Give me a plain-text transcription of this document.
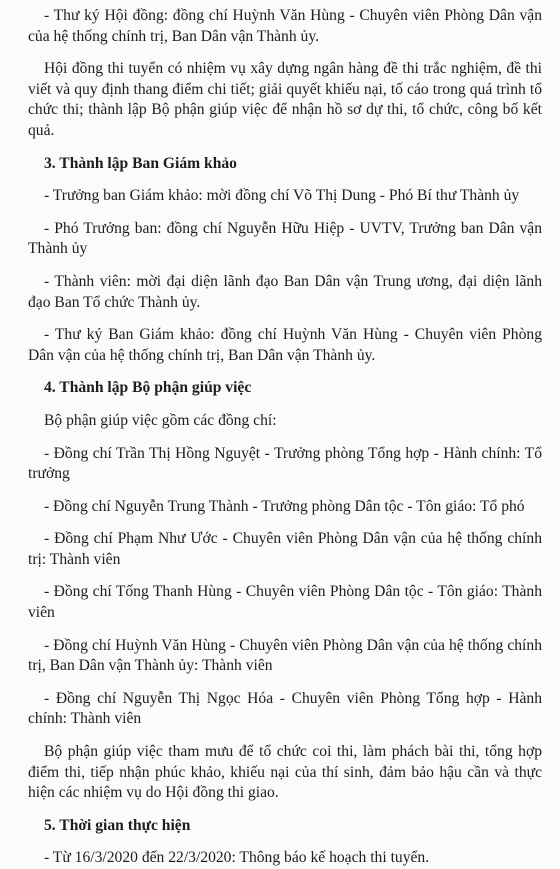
- Thư ký Hội đồng: đồng chí Huỳnh Văn Hùng - Chuyên viên Phòng Dân vận của hệ thống chính trị, Ban Dân vận Thành ủy.

Hội đồng thi tuyển có nhiệm vụ xây dựng ngân hàng đề thi trắc nghiệm, đề thi viết và quy định thang điểm chi tiết; giải quyết khiếu nại, tố cáo trong quá trình tổ chức thi; thành lập Bộ phận giúp việc để nhận hồ sơ dự thi, tổ chức, công bố kết quả.

3. Thành lập Ban Giám khảo

- Trưởng ban Giám khảo: mời đồng chí Võ Thị Dung - Phó Bí thư Thành ủy

- Phó Trưởng ban: đồng chí Nguyễn Hữu Hiệp - UVTV, Trưởng ban Dân vận Thành ủy

- Thành viên: mời đại diện lãnh đạo Ban Dân vận Trung ương, đại diện lãnh đạo Ban Tổ chức Thành ủy.

- Thư ký Ban Giám khảo: đồng chí Huỳnh Văn Hùng - Chuyên viên Phòng Dân vận của hệ thống chính trị, Ban Dân vận Thành ủy.

4. Thành lập Bộ phận giúp việc

Bộ phận giúp việc gồm các đồng chí:

- Đồng chí Trần Thị Hồng Nguyệt - Trưởng phòng Tổng hợp - Hành chính: Tổ trưởng

- Đồng chí Nguyễn Trung Thành - Trưởng phòng Dân tộc - Tôn giáo: Tổ phó

- Đồng chí Phạm Như Ước - Chuyên viên Phòng Dân vận của hệ thống chính trị: Thành viên

- Đồng chí Tống Thanh Hùng - Chuyên viên Phòng Dân tộc - Tôn giáo: Thành viên

- Đồng chí Huỳnh Văn Hùng - Chuyên viên Phòng Dân vận của hệ thống chính trị, Ban Dân vận Thành ủy: Thành viên

- Đồng chí Nguyễn Thị Ngọc Hóa - Chuyên viên Phòng Tổng hợp - Hành chính: Thành viên

Bộ phận giúp việc tham mưu để tổ chức coi thi, làm phách bài thi, tổng hợp điểm thi, tiếp nhận phúc khảo, khiếu nại của thí sinh, đảm bảo hậu cần và thực hiện các nhiệm vụ do Hội đồng thi giao.

5. Thời gian thực hiện

- Từ 16/3/2020 đến 22/3/2020: Thông báo kế hoạch thi tuyển.
